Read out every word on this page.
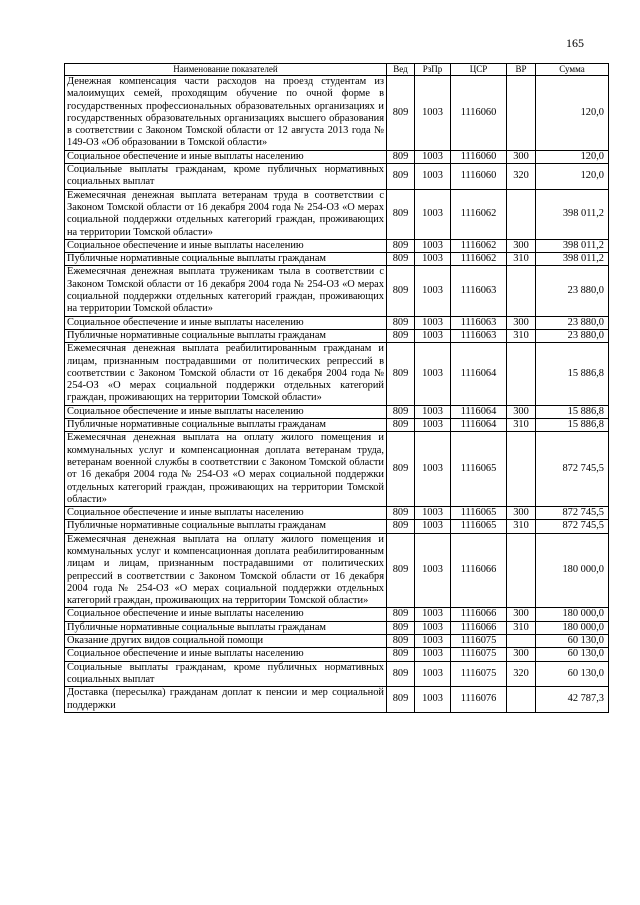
165
Наименование показателей	Вед	РзПр	ЦСР	ВР	Сумма
Денежная компенсация части расходов на проезд студентам из малоимущих семей, проходящим обучение по очной форме в государственных профессиональных образовательных организациях и государственных образовательных организациях высшего образования в соответствии с Законом Томской области от 12 августа 2013 года № 149-ОЗ «Об образовании в Томской области»	809	1003	1116060		120,0
Социальное обеспечение и иные выплаты населению	809	1003	1116060	300	120,0
Социальные выплаты гражданам, кроме публичных нормативных социальных выплат	809	1003	1116060	320	120,0
Ежемесячная денежная выплата ветеранам труда в соответствии с Законом Томской области от 16 декабря 2004 года № 254-ОЗ «О мерах социальной поддержки отдельных категорий граждан, проживающих на территории Томской области»	809	1003	1116062		398 011,2
Социальное обеспечение и иные выплаты населению	809	1003	1116062	300	398 011,2
Публичные нормативные социальные выплаты гражданам	809	1003	1116062	310	398 011,2
Ежемесячная денежная выплата труженикам тыла в соответствии с Законом Томской области от 16 декабря 2004 года № 254-ОЗ «О мерах социальной поддержки отдельных категорий граждан, проживающих на территории Томской области»	809	1003	1116063		23 880,0
Социальное обеспечение и иные выплаты населению	809	1003	1116063	300	23 880,0
Публичные нормативные социальные выплаты гражданам	809	1003	1116063	310	23 880,0
Ежемесячная денежная выплата реабилитированным гражданам и лицам, признанным пострадавшими от политических репрессий в соответствии с Законом Томской области от 16 декабря 2004 года № 254-ОЗ «О мерах социальной поддержки отдельных категорий граждан, проживающих на территории Томской области»	809	1003	1116064		15 886,8
Социальное обеспечение и иные выплаты населению	809	1003	1116064	300	15 886,8
Публичные нормативные социальные выплаты гражданам	809	1003	1116064	310	15 886,8
Ежемесячная денежная выплата на оплату жилого помещения и коммунальных услуг и компенсационная доплата ветеранам труда, ветеранам военной службы в соответствии с Законом Томской области от 16 декабря 2004 года № 254-ОЗ «О мерах социальной поддержки отдельных категорий граждан, проживающих на территории Томской области»	809	1003	1116065		872 745,5
Социальное обеспечение и иные выплаты населению	809	1003	1116065	300	872 745,5
Публичные нормативные социальные выплаты гражданам	809	1003	1116065	310	872 745,5
Ежемесячная денежная выплата на оплату жилого помещения и коммунальных услуг и компенсационная доплата реабилитированным лицам и лицам, признанным пострадавшими от политических репрессий в соответствии с Законом Томской области от 16 декабря 2004 года № 254-ОЗ «О мерах социальной поддержки отдельных категорий граждан, проживающих на территории Томской области»	809	1003	1116066		180 000,0
Социальное обеспечение и иные выплаты населению	809	1003	1116066	300	180 000,0
Публичные нормативные социальные выплаты гражданам	809	1003	1116066	310	180 000,0
Оказание других видов социальной помощи	809	1003	1116075		60 130,0
Социальное обеспечение и иные выплаты населению	809	1003	1116075	300	60 130,0
Социальные выплаты гражданам, кроме публичных нормативных социальных выплат	809	1003	1116075	320	60 130,0
Доставка (пересылка) гражданам доплат к пенсии и мер социальной поддержки	809	1003	1116076		42 787,3
